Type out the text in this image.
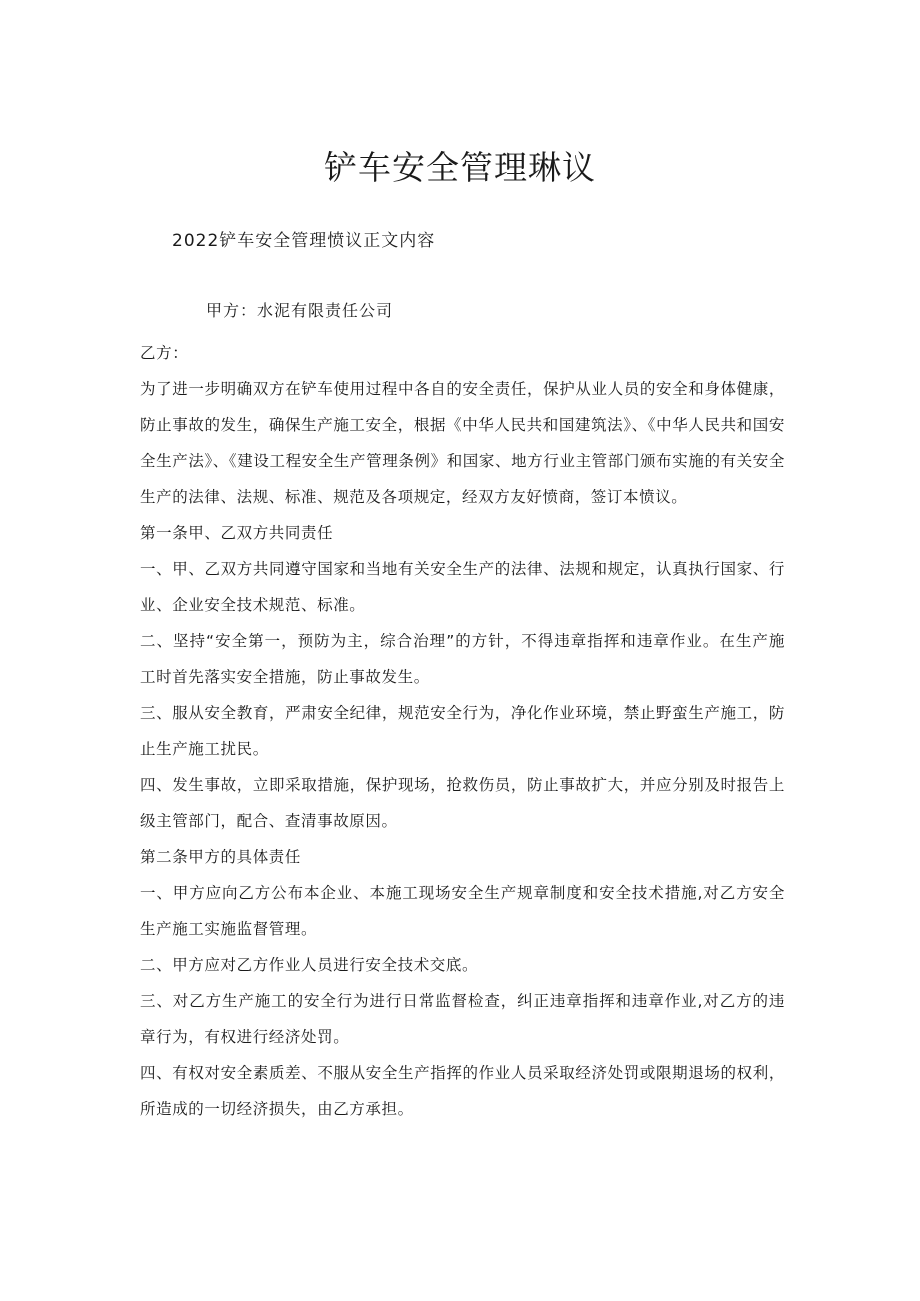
铲车安全管理琳议
2022铲车安全管理愤议正文内容
甲方：水泥有限责任公司

乙方：

为了进一步明确双方在铲车使用过程中各自的安全责任，保护从业人员的安全和身体健康，防止事故的发生，确保生产施工安全，根据《中华人民共和国建筑法》、《中华人民共和国安全生产法》、《建设工程安全生产管理条例》和国家、地方行业主管部门颁布实施的有关安全生产的法律、法规、标准、规范及各项规定，经双方友好愤商，签订本愤议。

第一条甲、乙双方共同责任

一、甲、乙双方共同遵守国家和当地有关安全生产的法律、法规和规定，认真执行国家、行业、企业安全技术规范、标准。

二、坚持“安全第一，预防为主，综合治理”的方针，不得违章指挥和违章作业。在生产施工时首先落实安全措施，防止事故发生。

三、服从安全教育，严肃安全纪律，规范安全行为，净化作业环境，禁止野蛮生产施工，防止生产施工扰民。

四、发生事故，立即采取措施，保护现场，抢救伤员，防止事故扩大，并应分别及时报告上级主管部门，配合、查清事故原因。

第二条甲方的具体责任

一、甲方应向乙方公布本企业、本施工现场安全生产规章制度和安全技术措施,对乙方安全生产施工实施监督管理。

二、甲方应对乙方作业人员进行安全技术交底。

三、对乙方生产施工的安全行为进行日常监督检查，纠正违章指挥和违章作业,对乙方的违章行为，有权进行经济处罚。

四、有权对安全素质差、不服从安全生产指挥的作业人员采取经济处罚或限期退场的权利，所造成的一切经济损失，由乙方承担。
